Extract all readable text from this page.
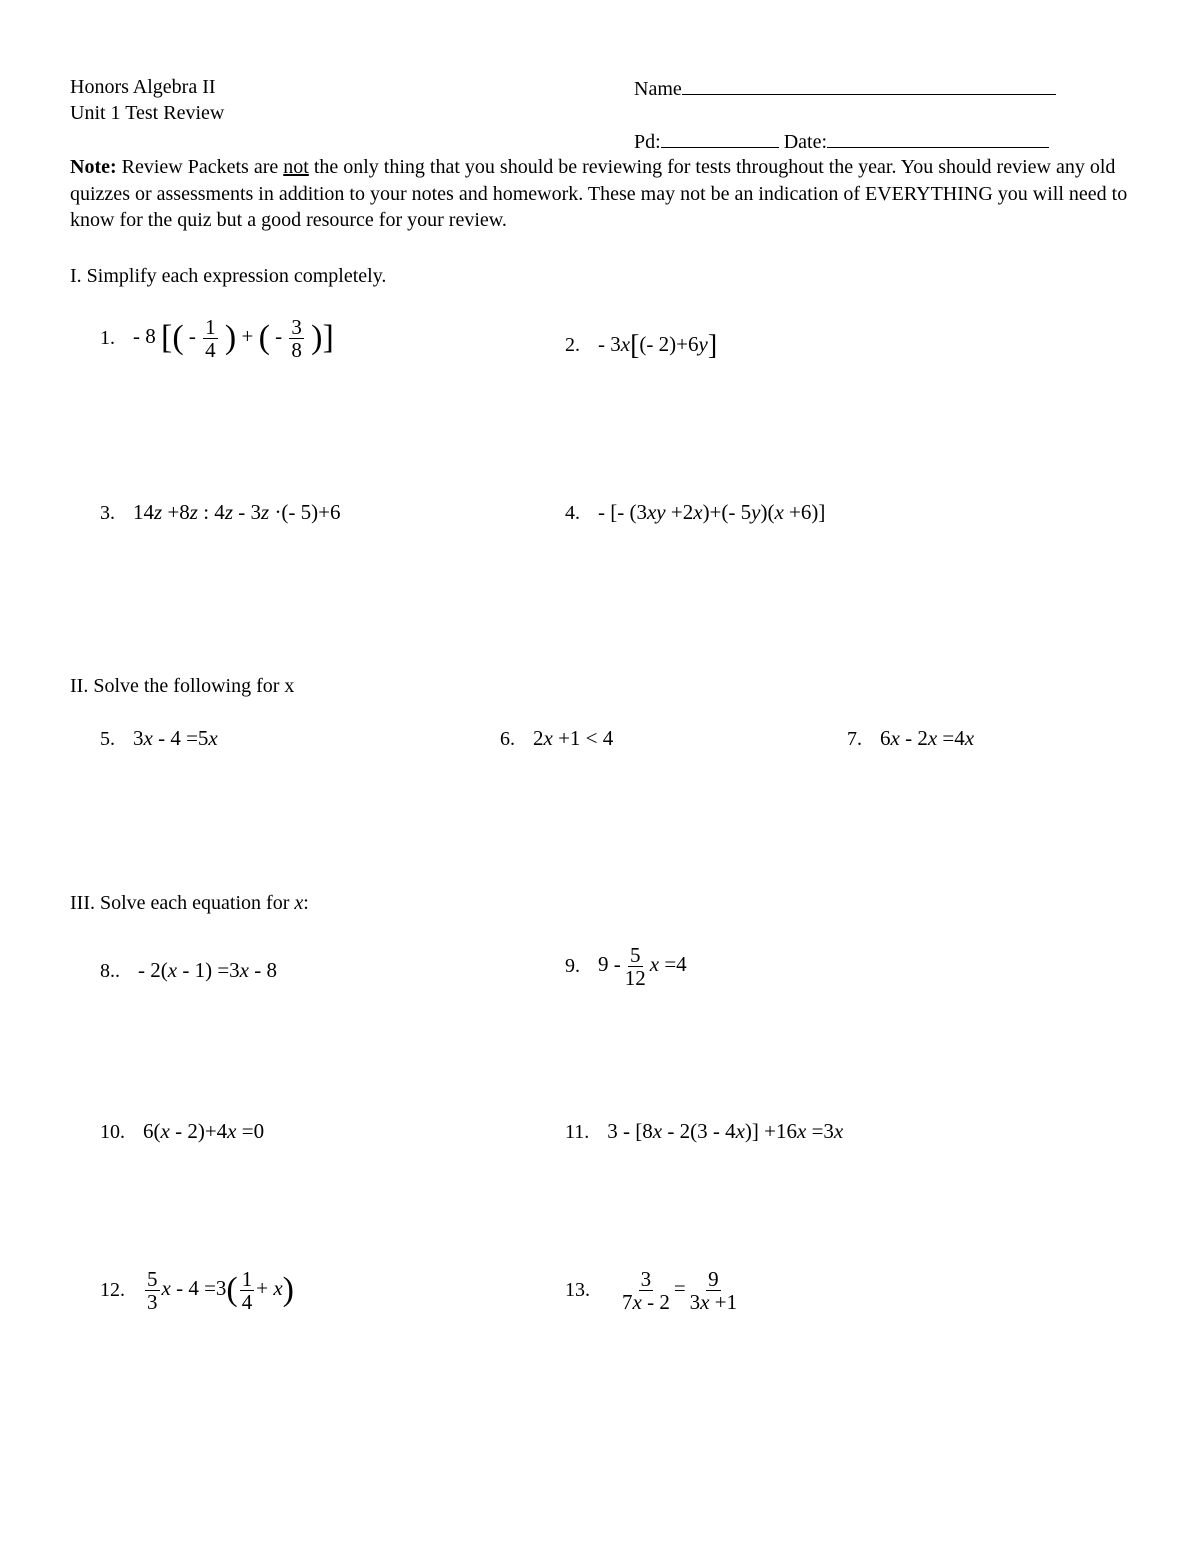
Honors Algebra II
Unit 1 Test Review
Name
Pd:	Date:
Note: Review Packets are not the only thing that you should be reviewing for tests throughout the year. You should review any old quizzes or assessments in addition to your notes and homework. These may not be an indication of EVERYTHING you will need to know for the quiz but a good resource for your review.
I. Simplify each expression completely.
1. - 8 [( - $\frac{1}{4}$ ) + ( - $\frac{3}{8}$ )]	2. - 3x[(- 2)+6y]
3. 14z +8z : 4z - 3z ·(- 5)+6	4. - [- (3xy +2x)+(- 5y)(x +6)]
II. Solve the following for x
5. 3x - 4 =5x	6. 2x +1 < 4	7. 6x - 2x =4x
III. Solve each equation for x:
8.. - 2(x - 1) =3x - 8	9. $9 - \frac{5}{12}$ x =4
10. 6(x - 2)+4x =0	11. 3 - [8x - 2(3 - 4x)] +16x =3x
12. $\frac{5}{3}$ $x - 4 =3( \frac{1}{4} + x)$	13. $\frac{3}{7x - 2} = \frac{9}{3x +1}$
